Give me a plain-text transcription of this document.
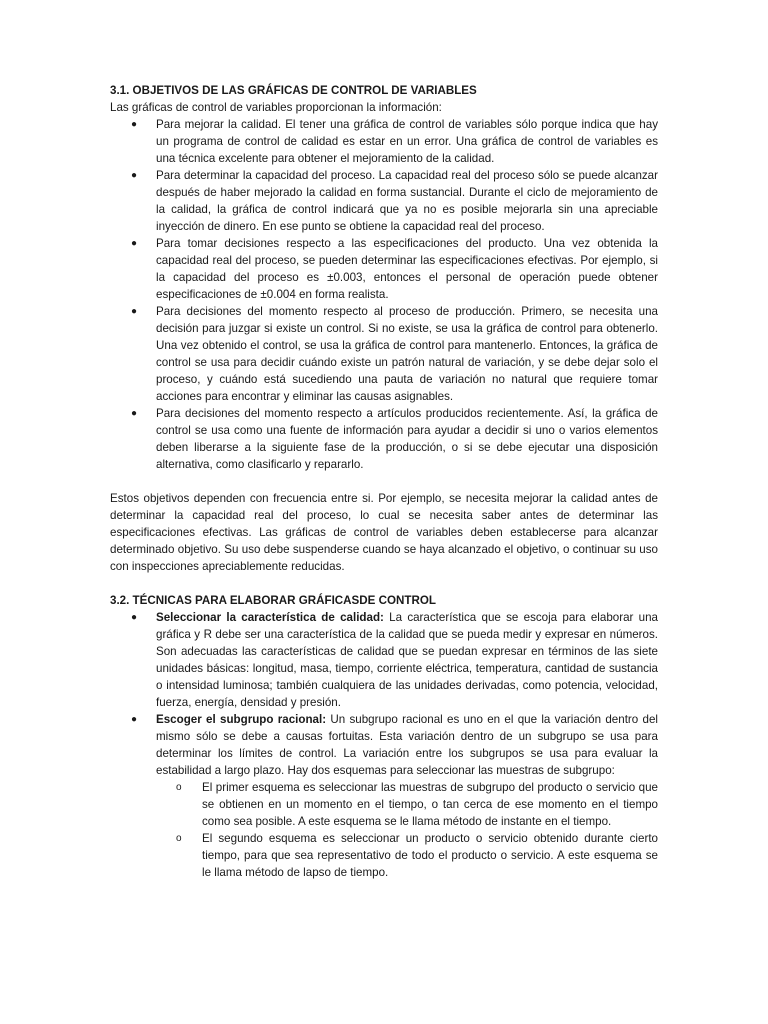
3.1. OBJETIVOS DE LAS GRÁFICAS DE CONTROL DE VARIABLES

Las gráficas de control de variables proporcionan la información:

● Para mejorar la calidad. El tener una gráfica de control de variables sólo porque indica que hay un programa de control de calidad es estar en un error. Una gráfica de control de variables es una técnica excelente para obtener el mejoramiento de la calidad.
● Para determinar la capacidad del proceso. La capacidad real del proceso sólo se puede alcanzar después de haber mejorado la calidad en forma sustancial. Durante el ciclo de mejoramiento de la calidad, la gráfica de control indicará que ya no es posible mejorarla sin una apreciable inyección de dinero. En ese punto se obtiene la capacidad real del proceso.
● Para tomar decisiones respecto a las especificaciones del producto. Una vez obtenida la capacidad real del proceso, se pueden determinar las especificaciones efectivas. Por ejemplo, si la capacidad del proceso es ±0.003, entonces el personal de operación puede obtener especificaciones de ±0.004 en forma realista.
● Para decisiones del momento respecto al proceso de producción. Primero, se necesita una decisión para juzgar si existe un control. Si no existe, se usa la gráfica de control para obtenerlo. Una vez obtenido el control, se usa la gráfica de control para mantenerlo. Entonces, la gráfica de control se usa para decidir cuándo existe un patrón natural de variación, y se debe dejar solo el proceso, y cuándo está sucediendo una pauta de variación no natural que requiere tomar acciones para encontrar y eliminar las causas asignables.
● Para decisiones del momento respecto a artículos producidos recientemente. Así, la gráfica de control se usa como una fuente de información para ayudar a decidir si uno o varios elementos deben liberarse a la siguiente fase de la producción, o si se debe ejecutar una disposición alternativa, como clasificarlo y repararlo.

Estos objetivos dependen con frecuencia entre si. Por ejemplo, se necesita mejorar la calidad antes de determinar la capacidad real del proceso, lo cual se necesita saber antes de determinar las especificaciones efectivas. Las gráficas de control de variables deben establecerse para alcanzar determinado objetivo. Su uso debe suspenderse cuando se haya alcanzado el objetivo, o continuar su uso con inspecciones apreciablemente reducidas.

3.2. TÉCNICAS PARA ELABORAR GRÁFICASDE CONTROL

● Seleccionar la característica de calidad: La característica que se escoja para elaborar una gráfica y R debe ser una característica de la calidad que se pueda medir y expresar en números. Son adecuadas las características de calidad que se puedan expresar en términos de las siete unidades básicas: longitud, masa, tiempo, corriente eléctrica, temperatura, cantidad de sustancia o intensidad luminosa; también cualquiera de las unidades derivadas, como potencia, velocidad, fuerza, energía, densidad y presión.
● Escoger el subgrupo racional: Un subgrupo racional es uno en el que la variación dentro del mismo sólo se debe a causas fortuitas. Esta variación dentro de un subgrupo se usa para determinar los límites de control. La variación entre los subgrupos se usa para evaluar la estabilidad a largo plazo. Hay dos esquemas para seleccionar las muestras de subgrupo:
o El primer esquema es seleccionar las muestras de subgrupo del producto o servicio que se obtienen en un momento en el tiempo, o tan cerca de ese momento en el tiempo como sea posible. A este esquema se le llama método de instante en el tiempo.
o El segundo esquema es seleccionar un producto o servicio obtenido durante cierto tiempo, para que sea representativo de todo el producto o servicio. A este esquema se le llama método de lapso de tiempo.
